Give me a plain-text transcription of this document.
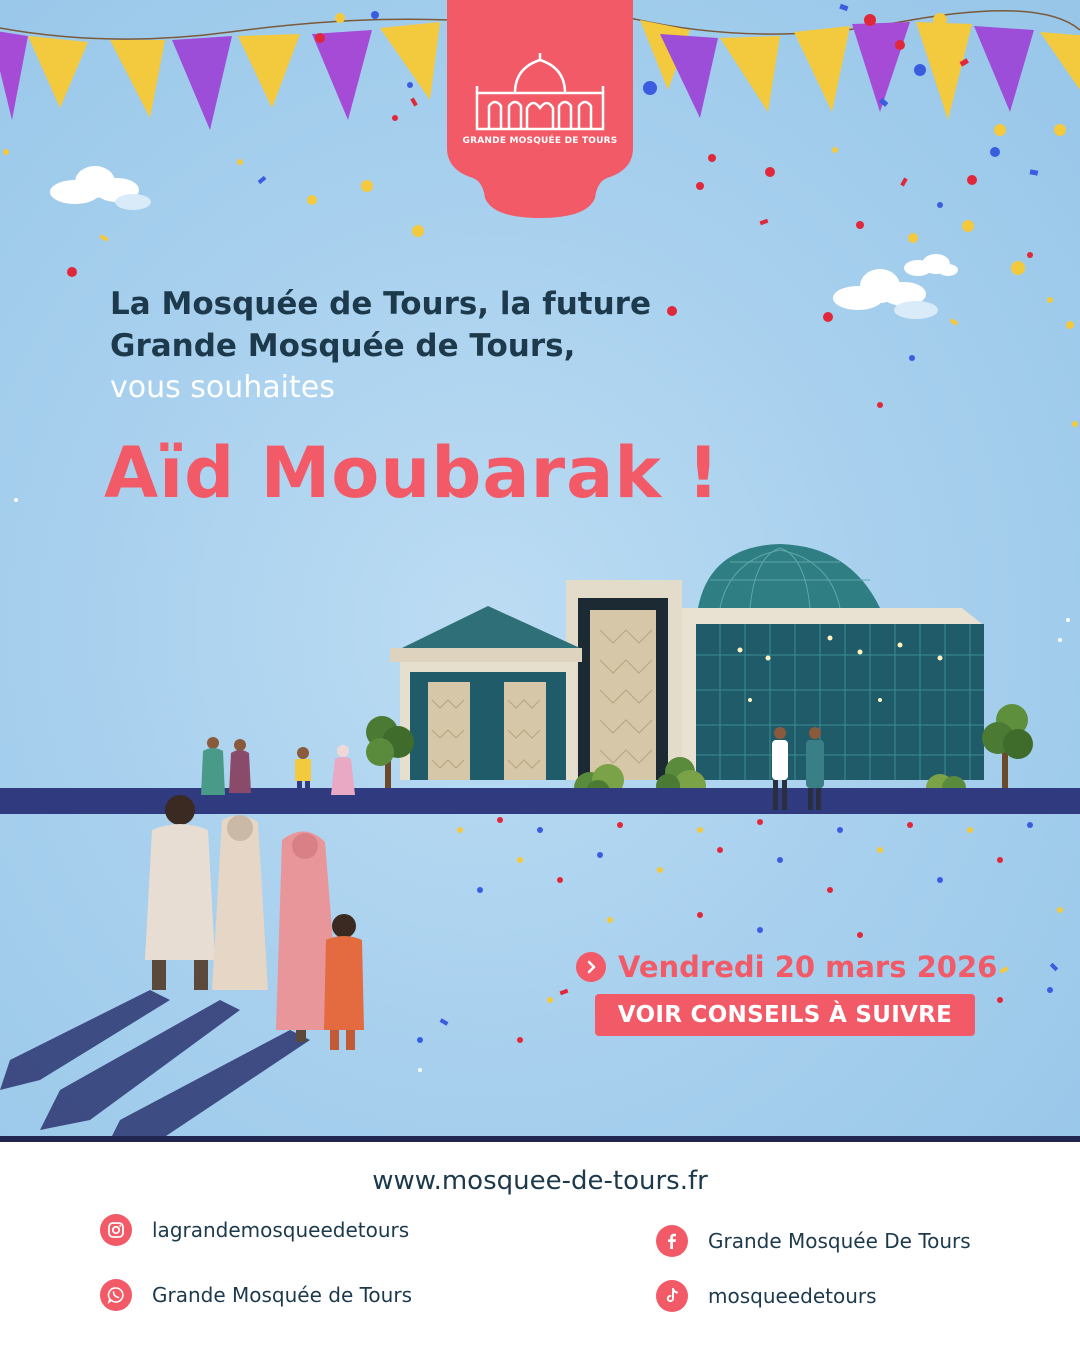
GRANDE MOSQUÉE DE TOURS
La Mosquée de Tours, la future
Grande Mosquée de Tours,
vous souhaites
Aïd Moubarak !
Vendredi 20 mars 2026
VOIR CONSEILS À SUIVRE
www.mosquee-de-tours.fr
lagrandemosqueedetours	Grande Mosquée De Tours
Grande Mosquée de Tours	mosqueedetours
